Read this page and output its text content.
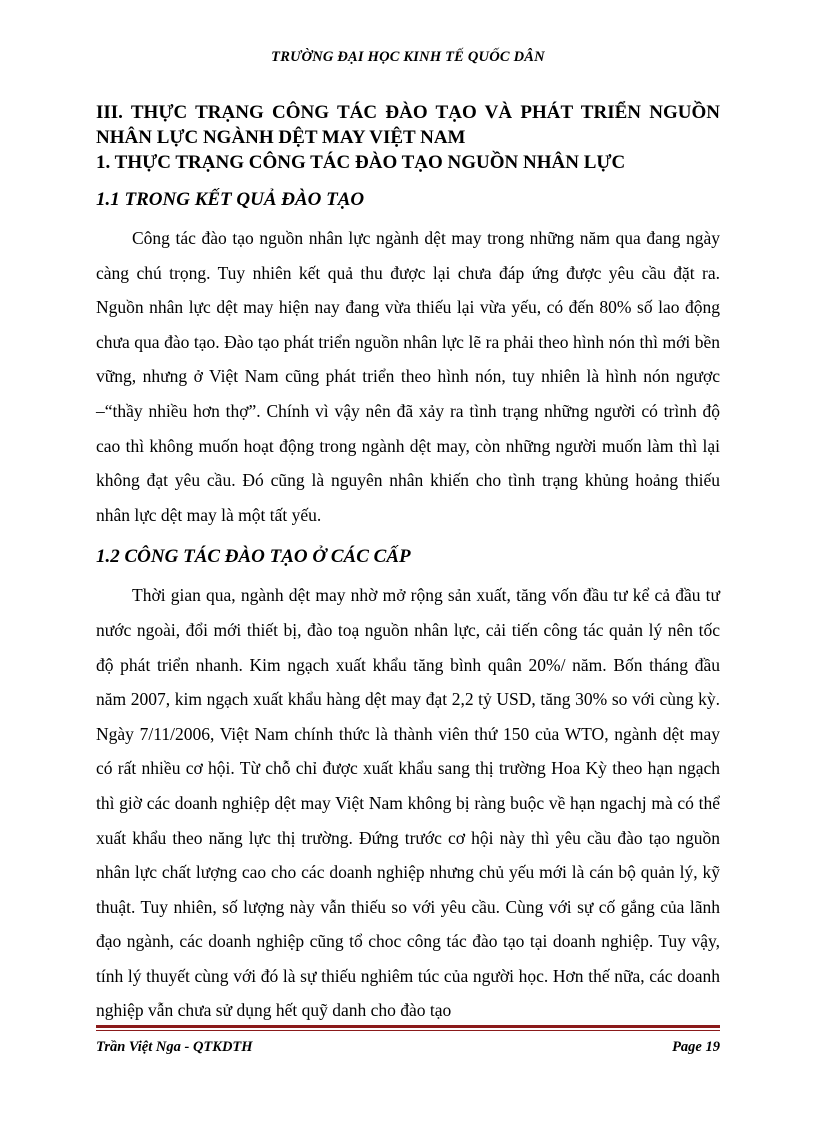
TRƯỜNG ĐẠI HỌC KINH TẾ QUỐC DÂN
III. THỰC TRẠNG CÔNG TÁC ĐÀO TẠO VÀ PHÁT TRIỂN NGUỒN
NHÂN LỰC NGÀNH DỆT MAY VIỆT NAM
1. THỰC TRẠNG CÔNG TÁC ĐÀO TẠO NGUỒN NHÂN LỰC
1.1 TRONG KẾT QUẢ ĐÀO TẠO

Công tác đào tạo nguồn nhân lực ngành dệt may trong những năm qua đang ngày càng chú trọng. Tuy nhiên kết quả thu được lại chưa đáp ứng được yêu cầu đặt ra. Nguồn nhân lực dệt may hiện nay đang vừa thiếu lại vừa yếu, có đến 80% số lao động chưa qua đào tạo. Đào tạo phát triển nguồn nhân lực lẽ ra phải theo hình nón thì mới bền vững, nhưng ở Việt Nam cũng phát triển theo hình nón, tuy nhiên là hình nón ngược –“thầy nhiều hơn thợ”. Chính vì vậy nên đã xảy ra tình trạng những người có trình độ cao thì không muốn hoạt động trong ngành dệt may, còn những người muốn làm thì lại không đạt yêu cầu. Đó cũng là nguyên nhân khiến cho tình trạng khủng hoảng thiếu nhân lực dệt may là một tất yếu.

1.2 CÔNG TÁC ĐÀO TẠO Ở CÁC CẤP

Thời gian qua, ngành dệt may nhờ mở rộng sản xuất, tăng vốn đầu tư kể cả đầu tư nước ngoài, đổi mới thiết bị, đào toạ nguồn nhân lực, cải tiến công tác quản lý nên tốc độ phát triển nhanh. Kim ngạch xuất khẩu tăng bình quân 20%/ năm. Bốn tháng đầu năm 2007, kim ngạch xuất khẩu hàng dệt may đạt 2,2 tỷ USD, tăng 30% so với cùng kỳ. Ngày 7/11/2006, Việt Nam chính thức là thành viên thứ 150 của WTO, ngành dệt may có rất nhiều cơ hội. Từ chỗ chỉ được xuất khẩu sang thị trường Hoa Kỳ theo hạn ngạch thì giờ các doanh nghiệp dệt may Việt Nam không bị ràng buộc về hạn ngachj mà có thể xuất khẩu theo năng lực thị trường. Đứng trước cơ hội này thì yêu cầu đào tạo nguồn nhân lực chất lượng cao cho các doanh nghiệp nhưng chủ yếu mới là cán bộ quản lý, kỹ thuật. Tuy nhiên, số lượng này vẫn thiếu so với yêu cầu. Cùng với sự cố gắng của lãnh đạo ngành, các doanh nghiệp cũng tổ choc công tác đào tạo tại doanh nghiệp. Tuy vậy, tính lý thuyết cùng với đó là sự thiếu nghiêm túc của người học. Hơn thế nữa, các doanh nghiệp vẫn chưa sử dụng hết quỹ danh cho đào tạo

Trần Việt Nga - QTKDTH	Page 19
